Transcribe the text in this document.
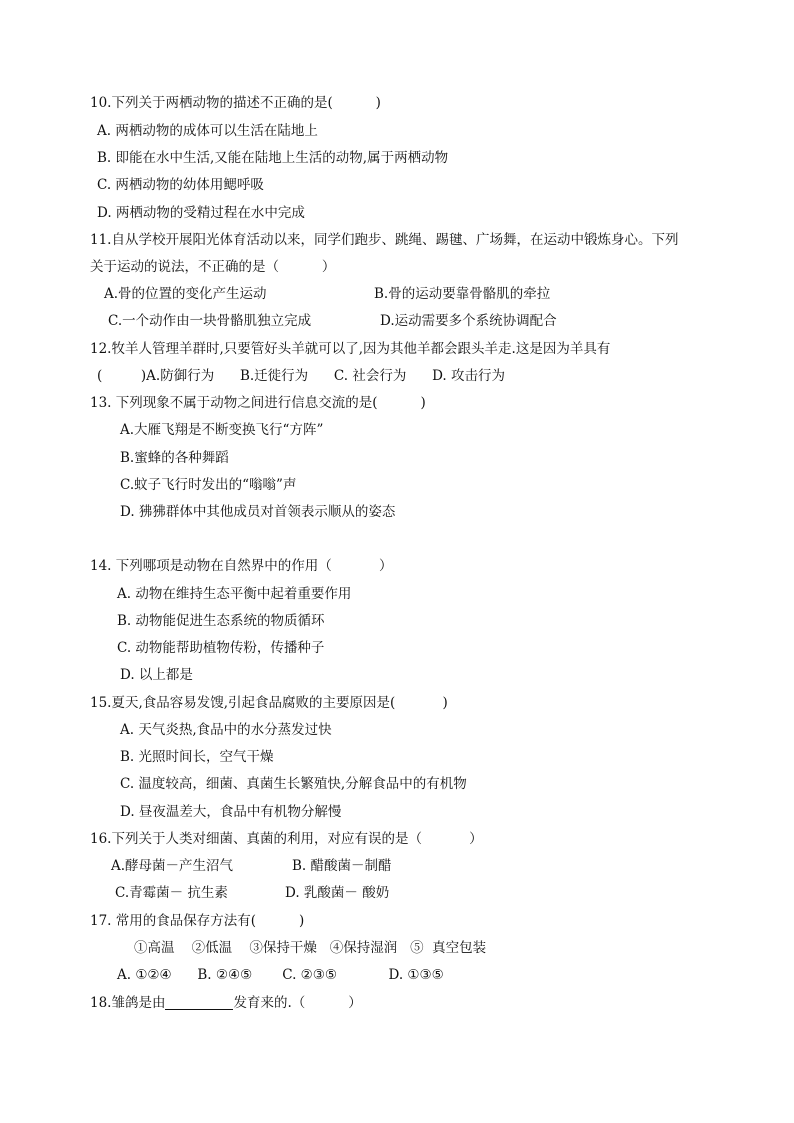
10.下列关于两栖动物的描述不正确的是(          )
A. 两栖动物的成体可以生活在陆地上
B. 即能在水中生活,又能在陆地上生活的动物,属于两栖动物
C. 两栖动物的幼体用鳃呼吸
D. 两栖动物的受精过程在水中完成
11.自从学校开展阳光体育活动以来，同学们跑步、跳绳、踢毽、广场舞，在运动中锻炼身心。下列
关于运动的说法，不正确的是（          ）
A.骨的位置的变化产生运动	B.骨的运动要靠骨骼肌的牵拉
C.一个动作由一块骨骼肌独立完成	D.运动需要多个系统协调配合
12.牧羊人管理羊群时,只要管好头羊就可以了,因为其他羊都会跟头羊走.这是因为羊具有
(         )A.防御行为      B.迁徙行为      C. 社会行为      D. 攻击行为
13. 下列现象不属于动物之间进行信息交流的是(          )
A.大雁飞翔是不断变换飞行“方阵”
B.蜜蜂的各种舞蹈
C.蚊子飞行时发出的“嗡嗡”声
D. 狒狒群体中其他成员对首领表示顺从的姿态
14. 下列哪项是动物在自然界中的作用（           ）
A. 动物在维持生态平衡中起着重要作用
B. 动物能促进生态系统的物质循环
C. 动物能帮助植物传粉，传播种子
D. 以上都是
15.夏天,食品容易发馊,引起食品腐败的主要原因是(           )
A. 天气炎热,食品中的水分蒸发过快
B. 光照时间长，空气干燥
C. 温度较高，细菌、真菌生长繁殖快,分解食品中的有机物
D. 昼夜温差大，食品中有机物分解慢
16.下列关于人类对细菌、真菌的利用，对应有误的是（           ）
A.酵母菌－产生沼气	B. 醋酸菌－制醋
C.青霉菌－ 抗生素	D. 乳酸菌－ 酸奶
17. 常用的食品保存方法有(          )
①高温    ②低温    ③保持干燥   ④保持湿润   ⑤  真空包装
A. ①②④      B. ②④⑤       C. ②③⑤            D. ①③⑤
18.雏鸽是由	发育来的.（          ）
